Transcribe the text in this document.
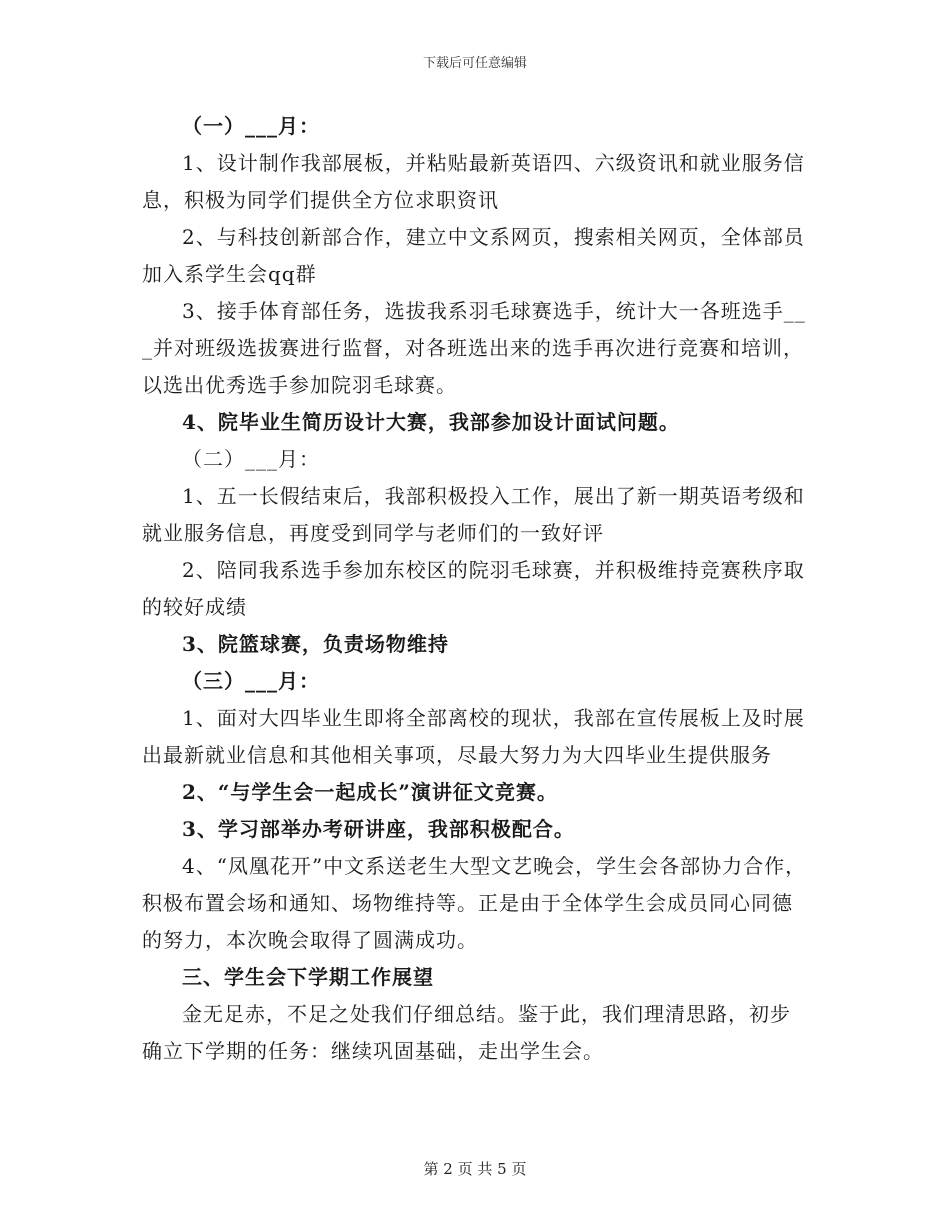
下载后可任意编辑

（一）___月：

1、设计制作我部展板，并粘贴最新英语四、六级资讯和就业服务信息，积极为同学们提供全方位求职资讯

2、与科技创新部合作，建立中文系网页，搜索相关网页，全体部员加入系学生会qq群

3、接手体育部任务，选拔我系羽毛球赛选手，统计大一各班选手___并对班级选拔赛进行监督，对各班选出来的选手再次进行竞赛和培训，以选出优秀选手参加院羽毛球赛。

4、院毕业生简历设计大赛，我部参加设计面试问题。

（二）___月：

1、五一长假结束后，我部积极投入工作，展出了新一期英语考级和就业服务信息，再度受到同学与老师们的一致好评

2、陪同我系选手参加东校区的院羽毛球赛，并积极维持竞赛秩序取的较好成绩

3、院篮球赛，负责场物维持

（三）___月：

1、面对大四毕业生即将全部离校的现状，我部在宣传展板上及时展出最新就业信息和其他相关事项，尽最大努力为大四毕业生提供服务

2、“与学生会一起成长”演讲征文竞赛。

3、学习部举办考研讲座，我部积极配合。

4、“凤凰花开”中文系送老生大型文艺晚会，学生会各部协力合作，积极布置会场和通知、场物维持等。正是由于全体学生会成员同心同德的努力，本次晚会取得了圆满成功。

三、学生会下学期工作展望

金无足赤，不足之处我们仔细总结。鉴于此，我们理清思路，初步确立下学期的任务：继续巩固基础，走出学生会。

第 2 页 共 5 页
